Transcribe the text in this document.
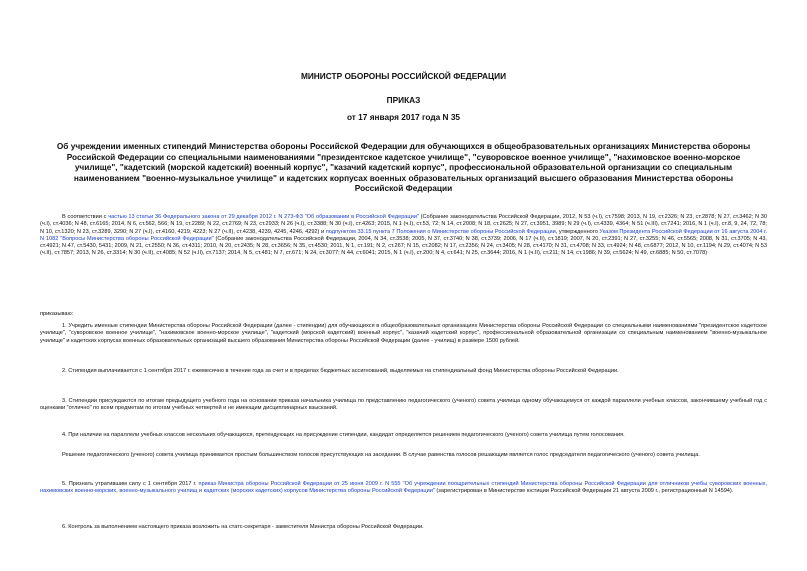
МИНИСТР ОБОРОНЫ РОССИЙСКОЙ ФЕДЕРАЦИИ
ПРИКАЗ
от 17 января 2017 года N 35
Об учреждении именных стипендий Министерства обороны Российской Федерации для обучающихся в общеобразовательных организациях Министерства обороны Российской Федерации со специальными наименованиями "президентское кадетское училище", "суворовское военное училище", "нахимовское военно-морское училище", "кадетский (морской кадетский) военный корпус", "казачий кадетский корпус", профессиональной образовательной организации со специальным наименованием "военно-музыкальное училище" и кадетских корпусах военных образовательных организаций высшего образования Министерства обороны Российской Федерации
В соответствии с частью 13 статьи 36 Федерального закона от 29 декабря 2012 г. N 273-ФЗ "Об образовании в Российской Федерации" (Собрание законодательства Российской Федерации, 2012, N 53 (ч.I), ст.7598; 2013, N 19, ст.2326; N 23, ст.2878; N 27, ст.3462; N 30 (ч.I), ст.4036; N 48, ст.6165; 2014, N 6, ст.562, 566; N 19, ст.2289; N 22, ст.2769; N 23, ст.2933; N 26 (ч.I), ст.3388; N 30 (ч.I), ст.4263; 2015, N 1 (ч.I), ст.53, 72; N 14, ст.2008; N 18, ст.2625; N 27, ст.3951, 3989; N 29 (ч.I), ст.4339, 4364; N 51 (ч.III), ст.7241; 2016, N 1 (ч.I), ст.8, 9, 24, 72, 78; N 10, ст.1320; N 23, ст.3289, 3290; N 27 (ч.I), ст.4160, 4219, 4223; N 27 (ч.II), ст.4238, 4239, 4245, 4246, 4292) и подпунктом 33.15 пункта 7 Положения о Министерстве обороны Российской Федерации, утвержденного Указом Президента Российской Федерации от 16 августа 2004 г. N 1082 "Вопросы Министерства обороны Российской Федерации" (Собрание законодательства Российской Федерации, 2004, N 34, ст.3538; 2005, N 37, ст.3740; N 38, ст.3739; 2006, N 17 (ч.II), ст.1819; 2007, N 20, ст.2391; N 27, ст.3255; N 46, ст.5565; 2008, N 31, ст.3705; N 43, ст.4921; N 47, ст.5430, 5431; 2009, N 21, ст.2550; N 36, ст.4311; 2010, N 20, ст.2435; N 28, ст.3656; N 35, ст.4530; 2011, N 1, ст.191; N 2, ст.267; N 15, ст.2082; N 17, ст.2356; N 24, ст.3405; N 28, ст.4170; N 31, ст.4708; N 33, ст.4924; N 48, ст.6877; 2012, N 10, ст.1194; N 29, ст.4074; N 53 (ч.II), ст.7857; 2013, N 26, ст.3314; N 30 (ч.II), ст.4085; N 52 (ч.II), ст.7137; 2014, N 5, ст.481; N 7, ст.671; N 24, ст.3077; N 44, ст.6041; 2015, N 1 (ч.I), ст.200; N 4, ст.641; N 25, ст.3644; 2016, N 1 (ч.II), ст.211; N 14, ст.1986; N 39, ст.5624; N 49, ст.6885; N 50, ст.7078)
приказываю:
1. Учредить именные стипендии Министерства обороны Российской Федерации (далее - стипендии) для обучающихся в общеобразовательных организациях Министерства обороны Российской Федерации со специальными наименованиями "президентское кадетское училище", "суворовское военное училище", "нахимовское военно-морское училище", "кадетский (морской кадетский) военный корпус", "казачий кадетский корпус", профессиональной образовательной организации со специальным наименованием "военно-музыкальное училище" и кадетских корпусах военных образовательных организаций высшего образования Министерства обороны Российской Федерации (далее - училищ) в размере 1500 рублей.
2. Стипендия выплачивается с 1 сентября 2017 г. ежемесячно в течение года за счет и в пределах бюджетных ассигнований, выделяемых на стипендиальный фонд Министерства обороны Российской Федерации.
3. Стипендии присуждаются по итогам предыдущего учебного года на основании приказа начальника училища по представлению педагогического (ученого) совета училища одному обучающемуся от каждой параллели учебных классов, закончившему учебный год с оценками "отлично" по всем предметам по итогам учебных четвертей и не имеющим дисциплинарных взысканий.
4. При наличии на параллели учебных классов нескольких обучающихся, претендующих на присуждение стипендии, кандидат определяется решением педагогического (ученого) совета училища путем голосования.
Решение педагогического (ученого) совета училища принимается простым большинством голосов присутствующих на заседании. В случае равенства голосов решающим является голос председателя педагогического (ученого) совета училища.
5. Признать утратившим силу с 1 сентября 2017 г. приказ Министра обороны Российской Федерации от 25 июня 2009 г. N 555 "Об учреждении поощрительных стипендий Министерства обороны Российской Федерации для отличников учебы суворовских военных, нахимовских военно-морских, военно-музыкального училищ и кадетских (морских кадетских) корпусов Министерства обороны Российской Федерации" (зарегистрирован в Министерстве юстиции Российской Федерации 21 августа 2009 г., регистрационный N 14594).
6. Контроль за выполнением настоящего приказа возложить на статс-секретаря - заместителя Министра обороны Российской Федерации.
